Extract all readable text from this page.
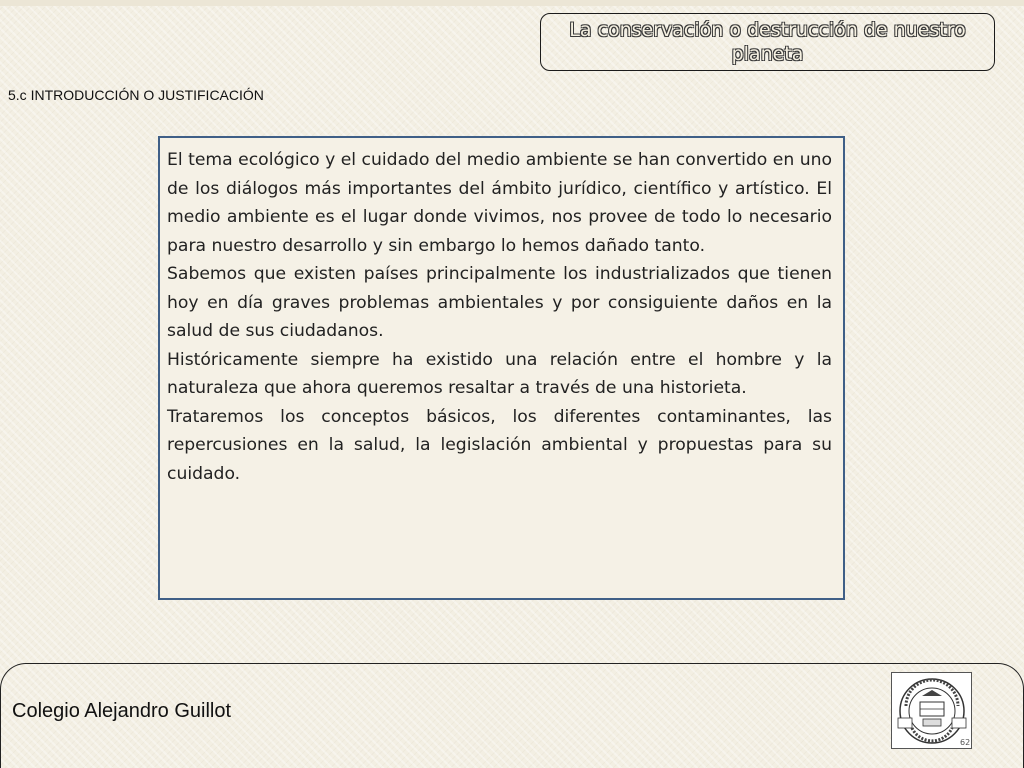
La conservación o destrucción de nuestro planeta
5.c INTRODUCCIÓN O JUSTIFICACIÓN

El tema ecológico y el cuidado del medio ambiente se han convertido en uno de los diálogos más importantes del ámbito jurídico, científico y artístico. El medio ambiente es el lugar donde vivimos, nos provee de todo lo necesario para nuestro desarrollo y sin embargo lo hemos dañado tanto.

Sabemos que existen países principalmente los industrializados que tienen hoy en día graves problemas ambientales y por consiguiente daños en la salud de sus ciudadanos.

Históricamente siempre ha existido una relación entre el hombre y la naturaleza que ahora queremos resaltar a través de una historieta.

Trataremos los conceptos básicos, los diferentes contaminantes, las repercusiones en la salud, la legislación ambiental y propuestas para su cuidado.

Colegio Alejandro Guillot
62
